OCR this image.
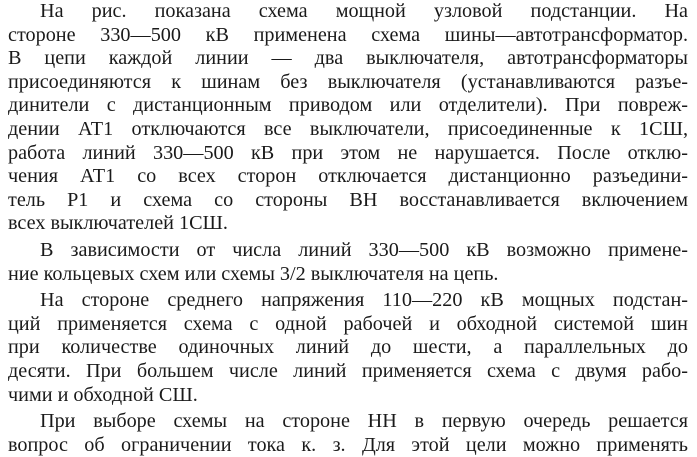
На рис. показана схема мощной узловой подстанции. На
стороне 330—500 кВ применена схема шины—автотрансформатор.
В цепи каждой линии — два выключателя, автотрансформаторы
присоединяются к шинам без выключателя (устанавливаются разъе-
динители с дистанционным приводом или отделители). При повреж-
дении АТ1 отключаются все выключатели, присоединенные к 1СШ,
работа линий 330—500 кВ при этом не нарушается. После отклю-
чения АТ1 со всех сторон отключается дистанционно разъедини-
тель Р1 и схема со стороны ВН восстанавливается включением
всех выключателей 1СШ.
В зависимости от числа линий 330—500 кВ возможно примене-
ние кольцевых схем или схемы 3/2 выключателя на цепь.
На стороне среднего напряжения 110—220 кВ мощных подстан-
ций применяется схема с одной рабочей и обходной системой шин
при количестве одиночных линий до шести, а параллельных до
десяти. При большем числе линий применяется схема с двумя рабо-
чими и обходной СШ.
При выборе схемы на стороне НН в первую очередь решается
вопрос об ограничении тока к. з. Для этой цели можно применять
